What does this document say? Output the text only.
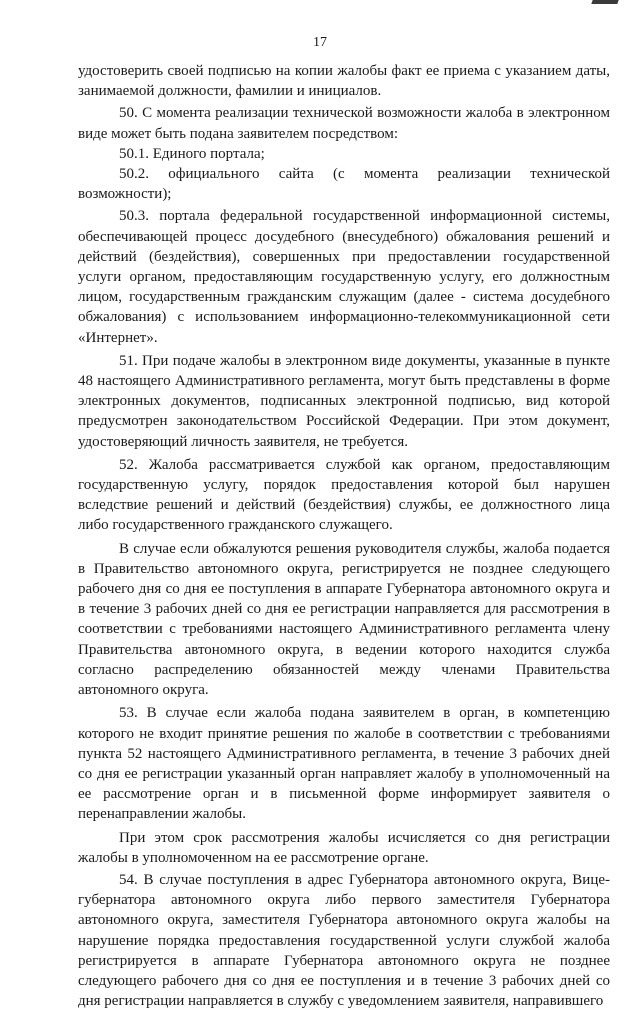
17

удостоверить своей подписью на копии жалобы факт ее приема с указанием даты, занимаемой должности, фамилии и инициалов.

50. С момента реализации технической возможности жалоба в электронном виде может быть подана заявителем посредством:

50.1. Единого портала;

50.2. официального сайта (с момента реализации технической возможности);

50.3. портала федеральной государственной информационной системы, обеспечивающей процесс досудебного (внесудебного) обжалования решений и действий (бездействия), совершенных при предоставлении государственной услуги органом, предоставляющим государственную услугу, его должностным лицом, государственным гражданским служащим (далее - система досудебного обжалования) с использованием информационно-телекоммуникационной сети «Интернет».

51. При подаче жалобы в электронном виде документы, указанные в пункте 48 настоящего Административного регламента, могут быть представлены в форме электронных документов, подписанных электронной подписью, вид которой предусмотрен законодательством Российской Федерации. При этом документ, удостоверяющий личность заявителя, не требуется.

52. Жалоба рассматривается службой как органом, предоставляющим государственную услугу, порядок предоставления которой был нарушен вследствие решений и действий (бездействия) службы, ее должностного лица либо государственного гражданского служащего.

В случае если обжалуются решения руководителя службы, жалоба подается в Правительство автономного округа, регистрируется не позднее следующего рабочего дня со дня ее поступления в аппарате Губернатора автономного округа и в течение 3 рабочих дней со дня ее регистрации направляется для рассмотрения в соответствии с требованиями настоящего Административного регламента члену Правительства автономного округа, в ведении которого находится служба согласно распределению обязанностей между членами Правительства автономного округа.

53. В случае если жалоба подана заявителем в орган, в компетенцию которого не входит принятие решения по жалобе в соответствии с требованиями пункта 52 настоящего Административного регламента, в течение 3 рабочих дней со дня ее регистрации указанный орган направляет жалобу в уполномоченный на ее рассмотрение орган и в письменной форме информирует заявителя о перенаправлении жалобы.

При этом срок рассмотрения жалобы исчисляется со дня регистрации жалобы в уполномоченном на ее рассмотрение органе.

54. В случае поступления в адрес Губернатора автономного округа, Вице-губернатора автономного округа либо первого заместителя Губернатора автономного округа, заместителя Губернатора автономного округа жалобы на нарушение порядка предоставления государственной услуги службой жалоба регистрируется в аппарате Губернатора автономного округа не позднее следующего рабочего дня со дня ее поступления и в течение 3 рабочих дней со дня регистрации направляется в службу с уведомлением заявителя, направившего
